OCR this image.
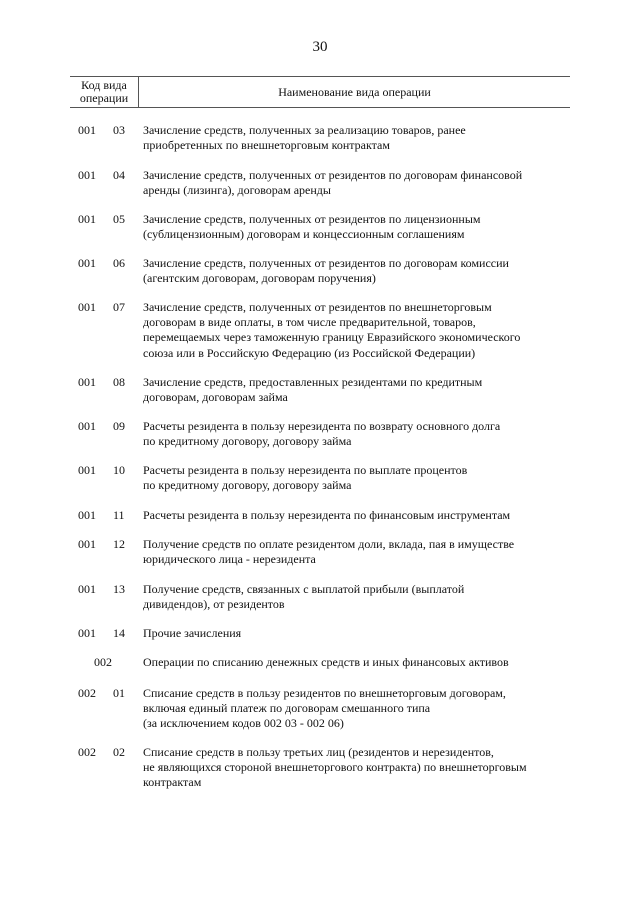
30
Код вида
операции	Наименование вида операции
001 03 Зачисление средств, полученных за реализацию товаров, ранее
приобретенных по внешнеторговым контрактам
001 04 Зачисление средств, полученных от резидентов по договорам финансовой
аренды (лизинга), договорам аренды
001 05 Зачисление средств, полученных от резидентов по лицензионным
(сублицензионным) договорам и концессионным соглашениям
001 06 Зачисление средств, полученных от резидентов по договорам комиссии
(агентским договорам, договорам поручения)
001 07 Зачисление средств, полученных от резидентов по внешнеторговым
договорам в виде оплаты, в том числе предварительной, товаров,
перемещаемых через таможенную границу Евразийского экономического
союза или в Российскую Федерацию (из Российской Федерации)
001 08 Зачисление средств, предоставленных резидентами по кредитным
договорам, договорам займа
001 09 Расчеты резидента в пользу нерезидента по возврату основного долга
по кредитному договору, договору займа
001 10 Расчеты резидента в пользу нерезидента по выплате процентов
по кредитному договору, договору займа
001 11 Расчеты резидента в пользу нерезидента по финансовым инструментам
001 12 Получение средств по оплате резидентом доли, вклада, пая в имуществе
юридического лица - нерезидента
001 13 Получение средств, связанных с выплатой прибыли (выплатой
дивидендов), от резидентов
001 14 Прочие зачисления
002	Операции по списанию денежных средств и иных финансовых активов
002 01 Списание средств в пользу резидентов по внешнеторговым договорам,
включая единый платеж по договорам смешанного типа
(за исключением кодов 002 03 - 002 06)
002 02 Списание средств в пользу третьих лиц (резидентов и нерезидентов,
не являющихся стороной внешнеторгового контракта) по внешнеторговым
контрактам
